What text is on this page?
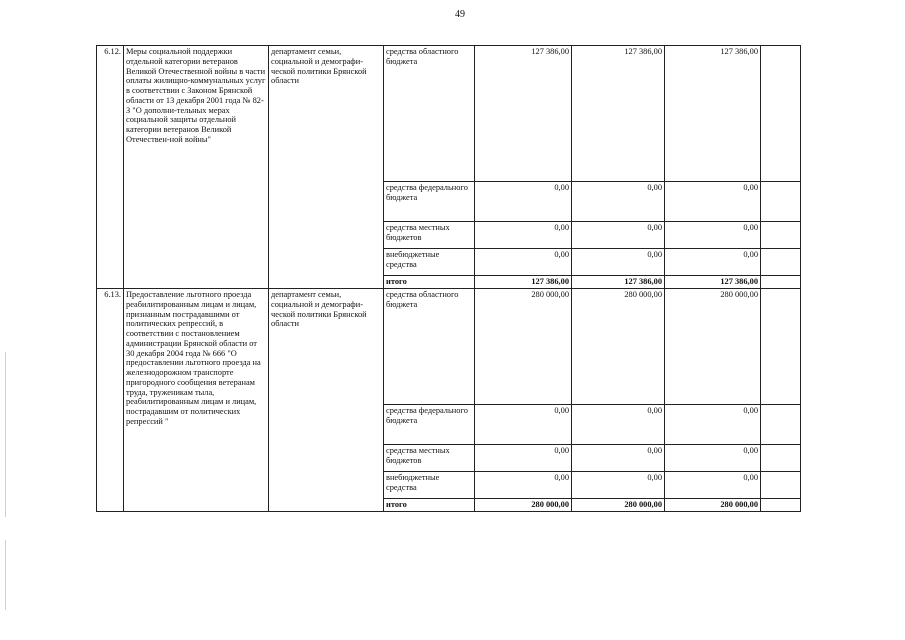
49
6.12.	Меры социальной поддержки отдельной категории ветеранов Великой Отечественной войны в части оплаты жилищно-коммунальных услуг в соответствии с Законом Брянской области от 13 декабря 2001 года № 82-З "О дополни-тельных мерах социальной защиты отдельной категории ветеранов Великой Отечествен-ной войны"	департамент семьи, социальной и демографи-ческой политики Брянской области	средства областного бюджета	127 386,00	127 386,00	127 386,00	
			средства федерального бюджета	0,00	0,00	0,00	
			средства местных бюджетов	0,00	0,00	0,00	
			внебюджетные средства	0,00	0,00	0,00	
			итого	127 386,00	127 386,00	127 386,00	
6.13.	Предоставление льготного проезда реабилитированным лицам и лицам, признанным пострадавшими от политических репрессий, в соответствии с постановлением администрации Брянской области от 30 декабря 2004 года № 666 "О предоставлении льготного проезда на железнодорожном транспорте пригородного сообщения ветеранам труда, труженикам тыла, реабилитированным лицам и лицам, пострадавшим от политических репрессий "	департамент семьи, социальной и демографи-ческой политики Брянской области	средства областного бюджета	280 000,00	280 000,00	280 000,00	
			средства федерального бюджета	0,00	0,00	0,00	
			средства местных бюджетов	0,00	0,00	0,00	
			внебюджетные средства	0,00	0,00	0,00	
			итого	280 000,00	280 000,00	280 000,00	
